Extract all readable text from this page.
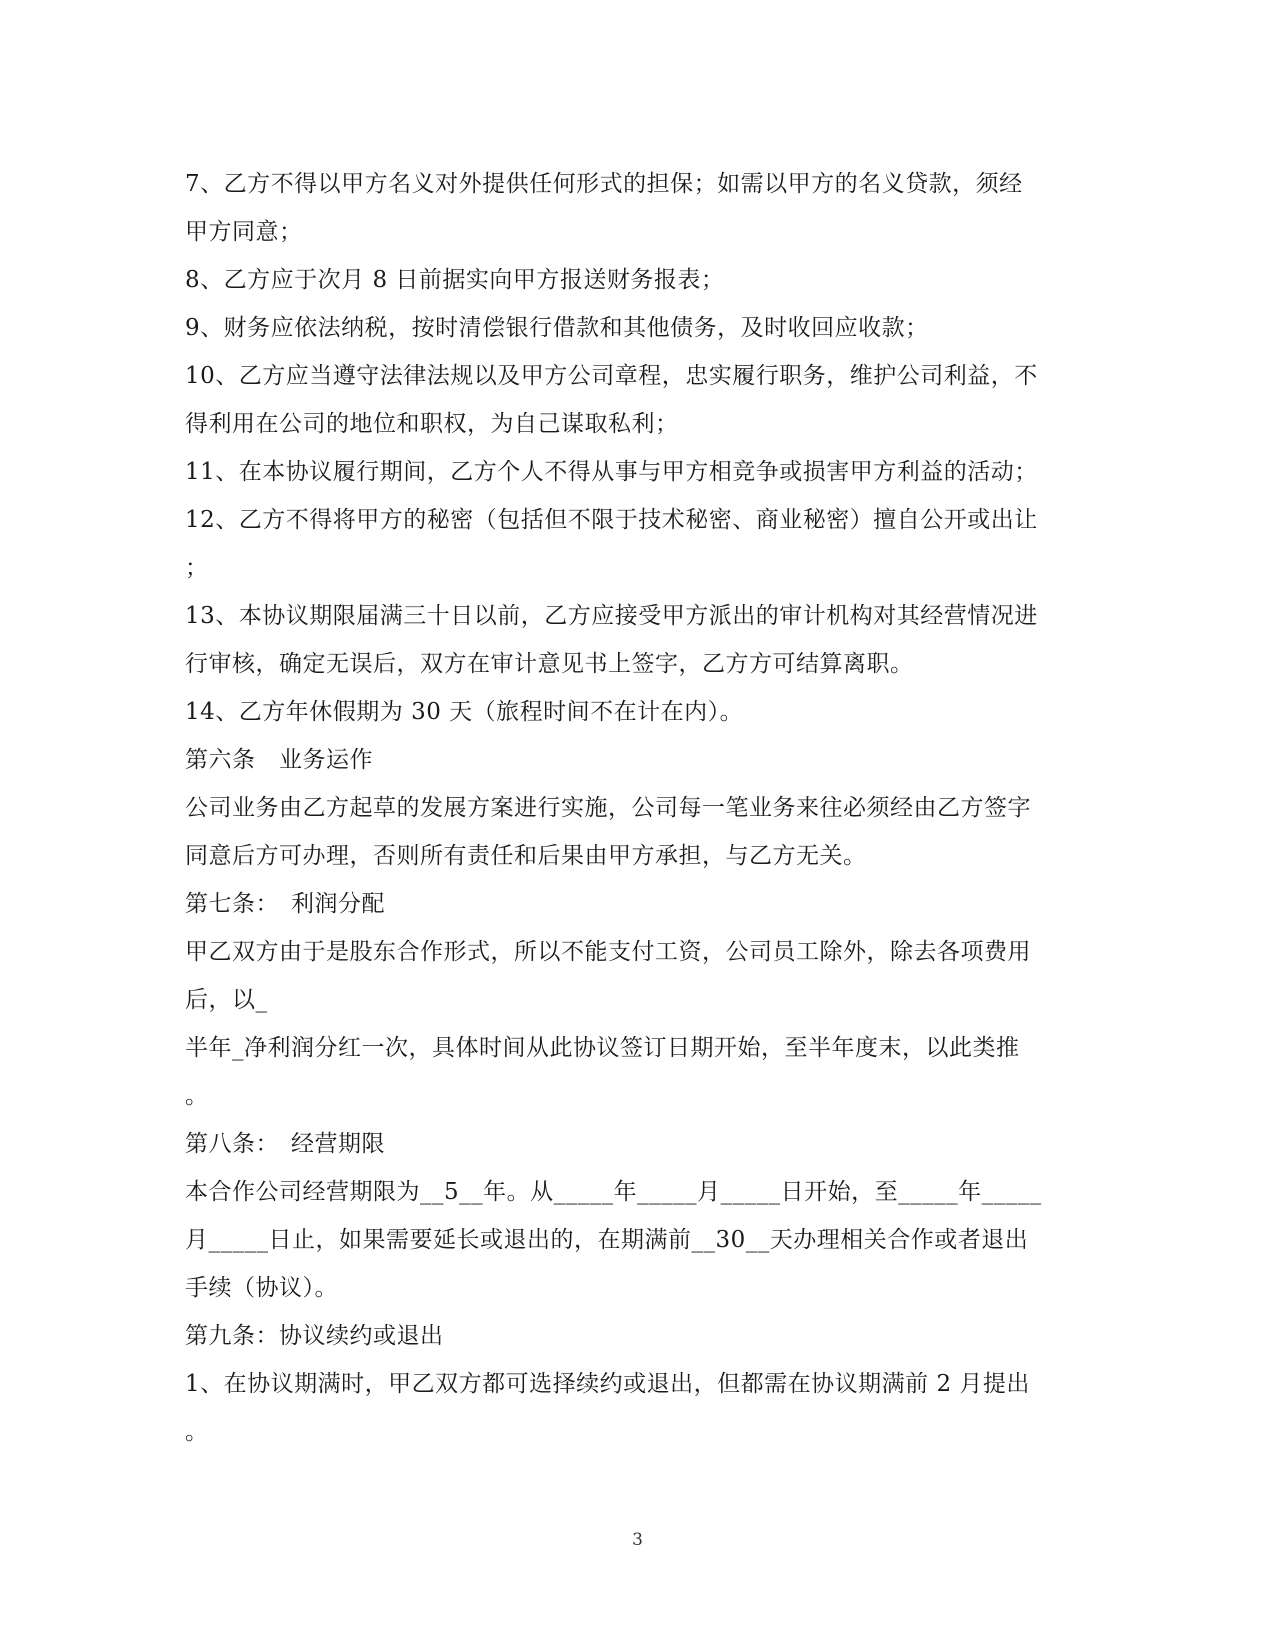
7、乙方不得以甲方名义对外提供任何形式的担保；如需以甲方的名义贷款，须经
甲方同意；
8、乙方应于次月 8 日前据实向甲方报送财务报表；
9、财务应依法纳税，按时清偿银行借款和其他债务，及时收回应收款；
10、乙方应当遵守法律法规以及甲方公司章程，忠实履行职务，维护公司利益，不
得利用在公司的地位和职权，为自己谋取私利；
11、在本协议履行期间，乙方个人不得从事与甲方相竞争或损害甲方利益的活动；
12、乙方不得将甲方的秘密（包括但不限于技术秘密、商业秘密）擅自公开或出让
；
13、本协议期限届满三十日以前，乙方应接受甲方派出的审计机构对其经营情况进
行审核，确定无误后，双方在审计意见书上签字，乙方方可结算离职。
14、乙方年休假期为 30 天（旅程时间不在计在内）。
第六条　业务运作
公司业务由乙方起草的发展方案进行实施，公司每一笔业务来往必须经由乙方签字
同意后方可办理，否则所有责任和后果由甲方承担，与乙方无关。
第七条：　利润分配
甲乙双方由于是股东合作形式，所以不能支付工资，公司员工除外，除去各项费用
后，以_
半年_净利润分红一次，具体时间从此协议签订日期开始，至半年度末，以此类推
。
第八条：　经营期限
本合作公司经营期限为__5__年。从_____年_____月_____日开始，至_____年_____
月_____日止，如果需要延长或退出的，在期满前__30__天办理相关合作或者退出
手续（协议）。
第九条：协议续约或退出
1、在协议期满时，甲乙双方都可选择续约或退出，但都需在协议期满前 2 月提出
。
3
